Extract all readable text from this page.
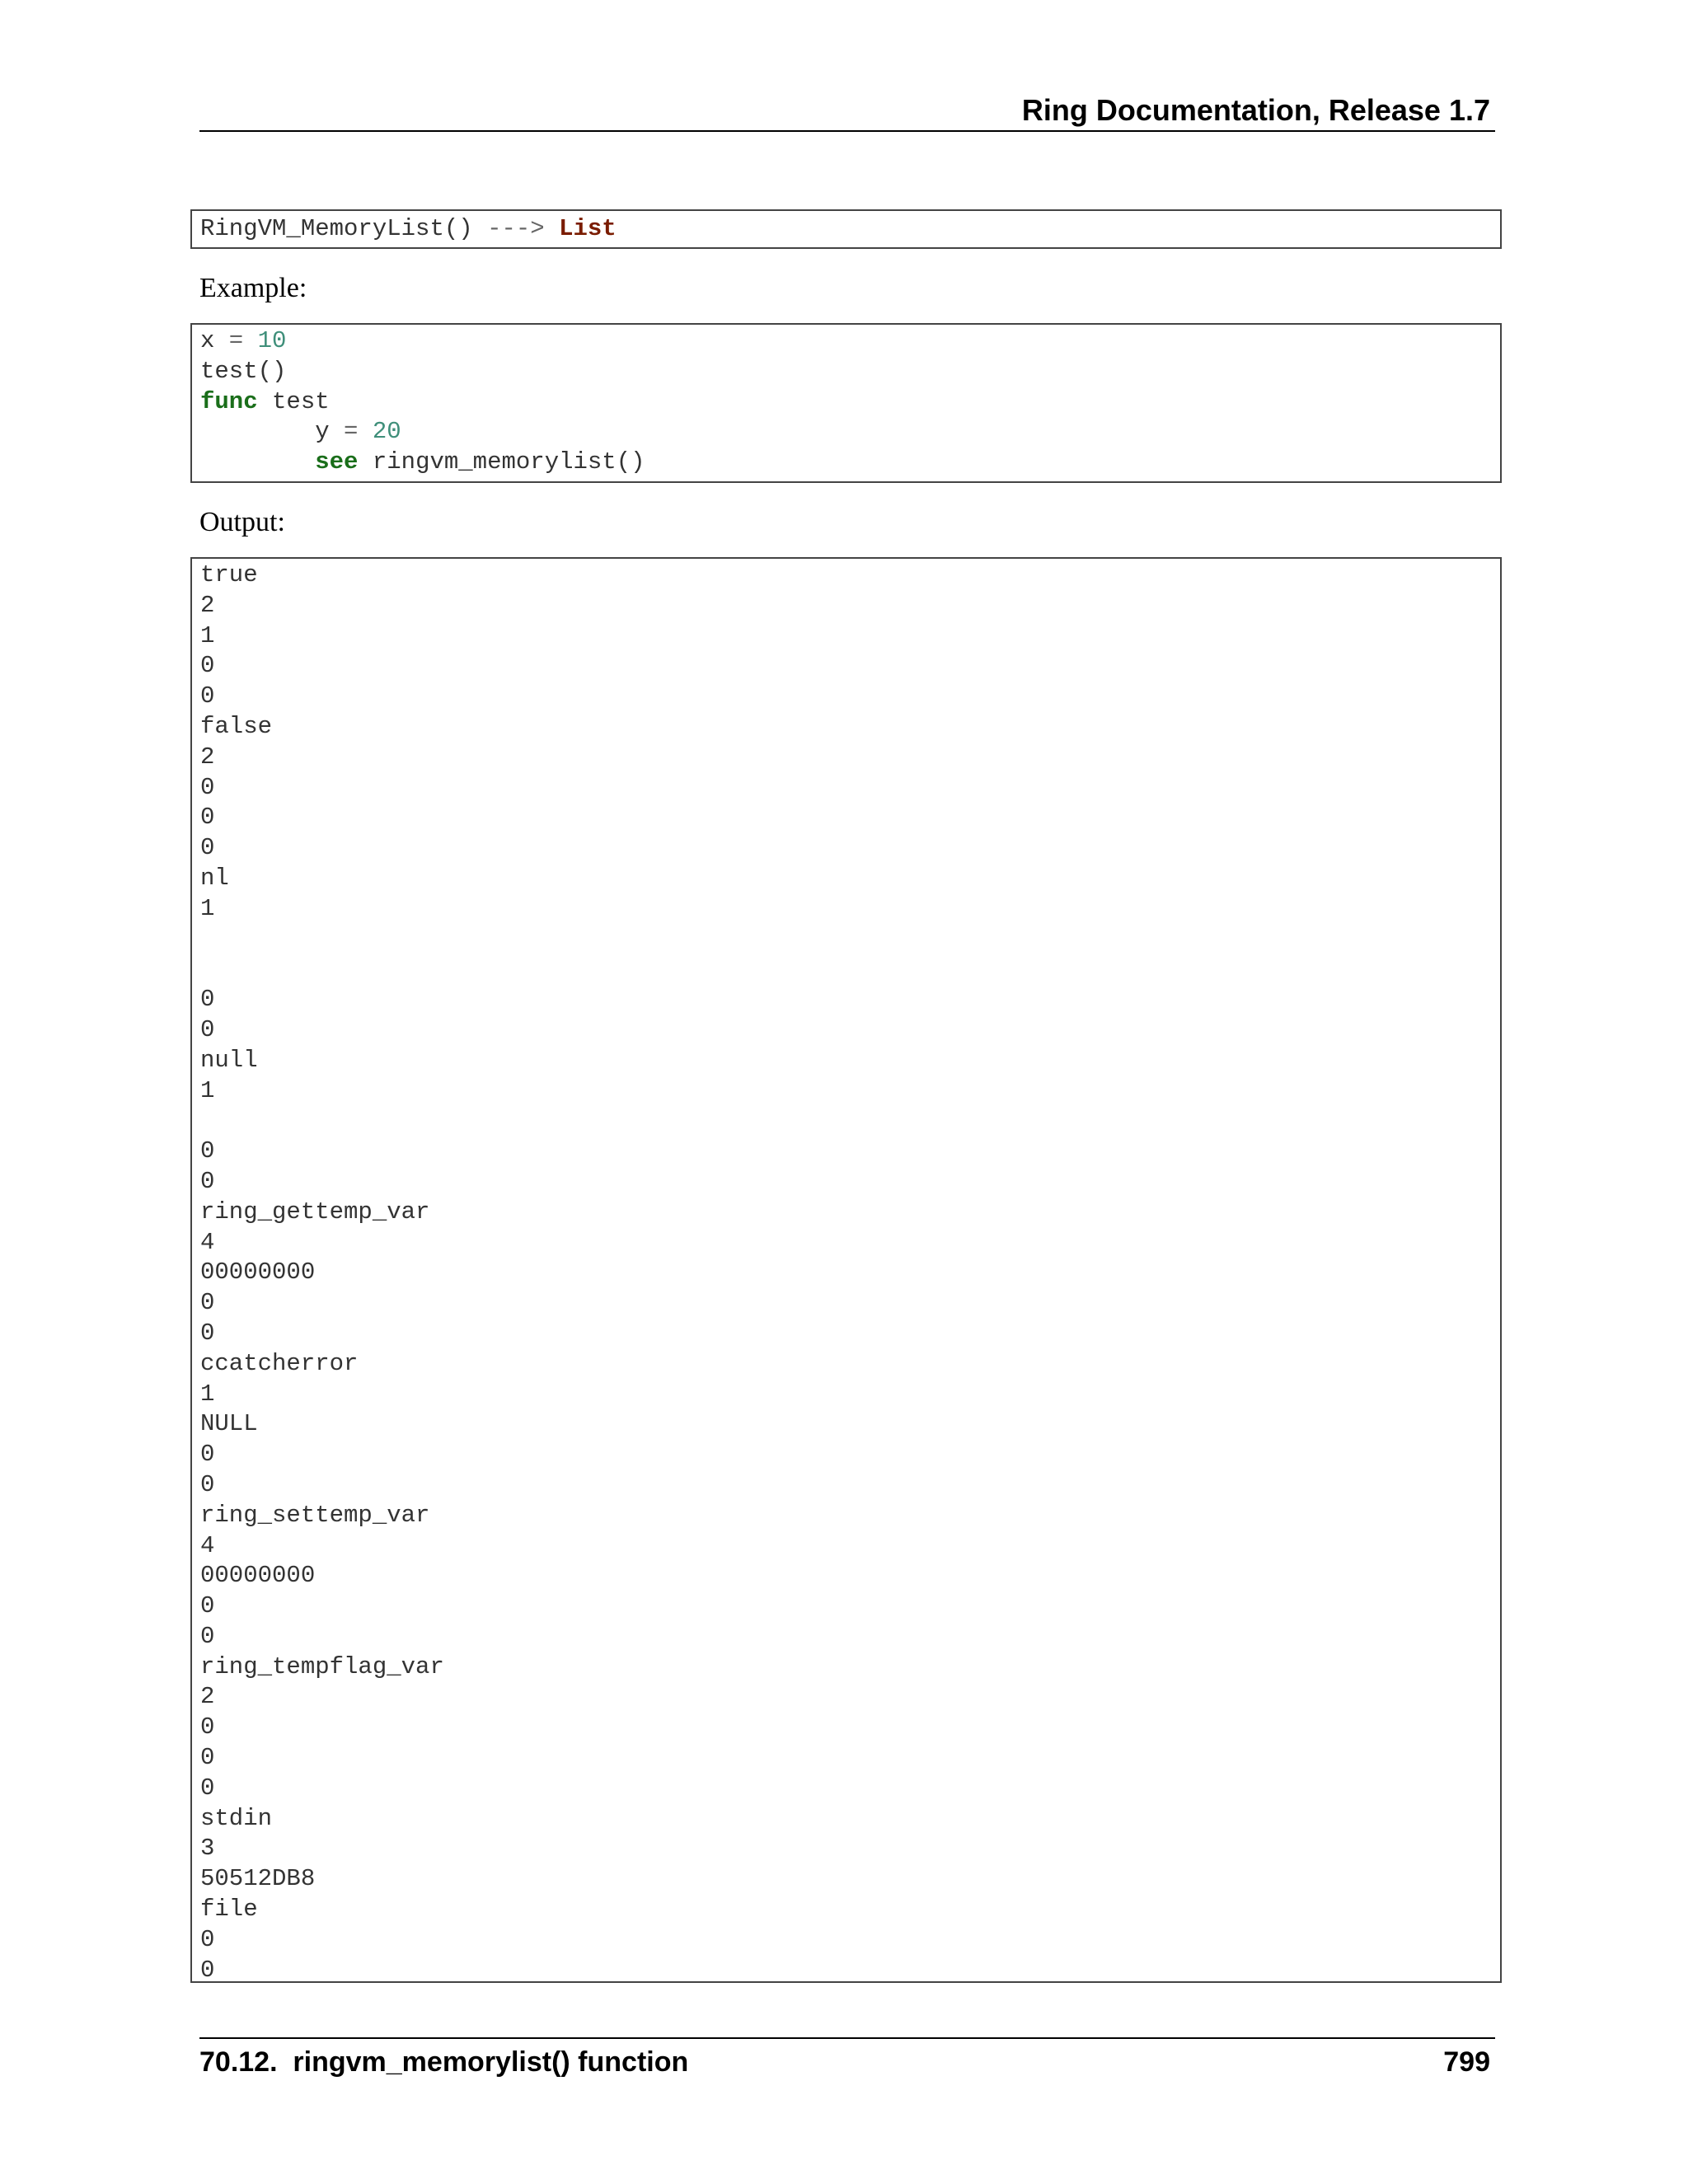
Ring Documentation, Release 1.7
RingVM_MemoryList() ---> List
Example:
x = 10
test()
func test
y = 20
see ringvm_memorylist()
Output:
true
2
1
0
0
false
2
0
0
0
nl
1
0
0
null
1
0
0
ring_gettemp_var
4
00000000
0
0
ccatcherror
1
NULL
0
0
ring_settemp_var
4
00000000
0
0
ring_tempflag_var
2
0
0
0
stdin
3
50512DB8
file
0
0
70.12.  ringvm_memorylist() function	799
